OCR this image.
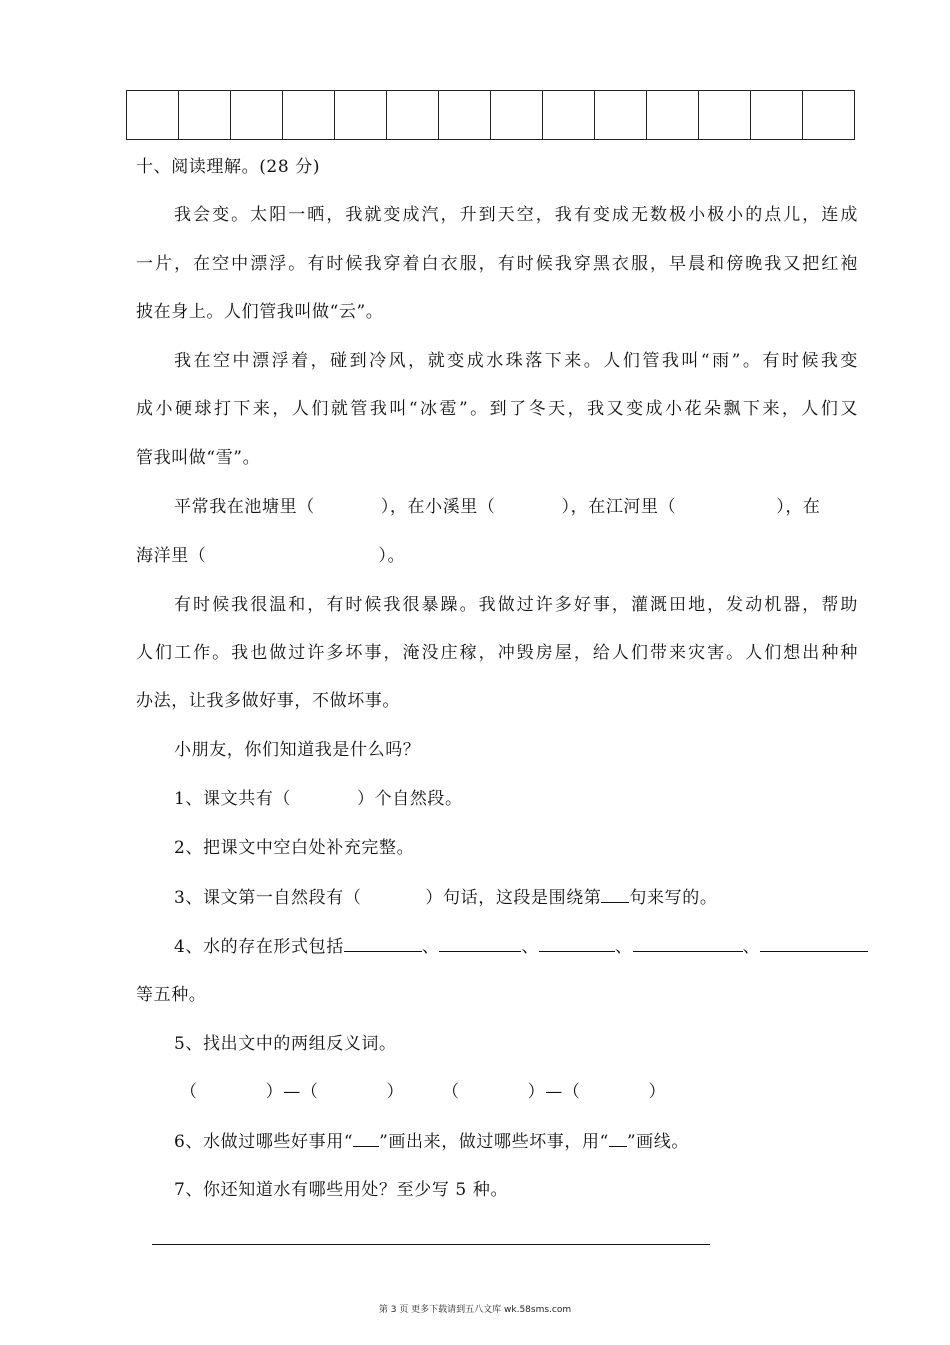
十、阅读理解。(28 分)
我会变。太阳一晒，我就变成汽，升到天空，我有变成无数极小极小的点儿，连成
一片，在空中漂浮。有时候我穿着白衣服，有时候我穿黑衣服，早晨和傍晚我又把红袍
披在身上。人们管我叫做“云”。
我在空中漂浮着，碰到冷风，就变成水珠落下来。人们管我叫“雨”。有时候我变
成小硬球打下来，人们就管我叫“冰雹”。到了冬天，我又变成小花朵飘下来，人们又
管我叫做“雪”。
平常我在池塘里（	），在小溪里（	），在江河里（	），在
海洋里（	）。
有时候我很温和，有时候我很暴躁。我做过许多好事，灌溉田地，发动机器，帮助
人们工作。我也做过许多坏事，淹没庄稼，冲毁房屋，给人们带来灾害。人们想出种种
办法，让我多做好事，不做坏事。
小朋友，你们知道我是什么吗？
1、课文共有（	）个自然段。
2、把课文中空白处补充完整。
3、课文第一自然段有（	）句话，这段是围绕第 句来写的。
4、水的存在形式包括	、	、	、	、
等五种。
5、找出文中的两组反义词。
（	）—（	） （	）—（	）
6、水做过哪些好事用“ ”画出来，做过哪些坏事，用“ ”画线。
7、你还知道水有哪些用处？至少写 5 种。
第 3 页 更多下载请到五八文库 wk.58sms.com
